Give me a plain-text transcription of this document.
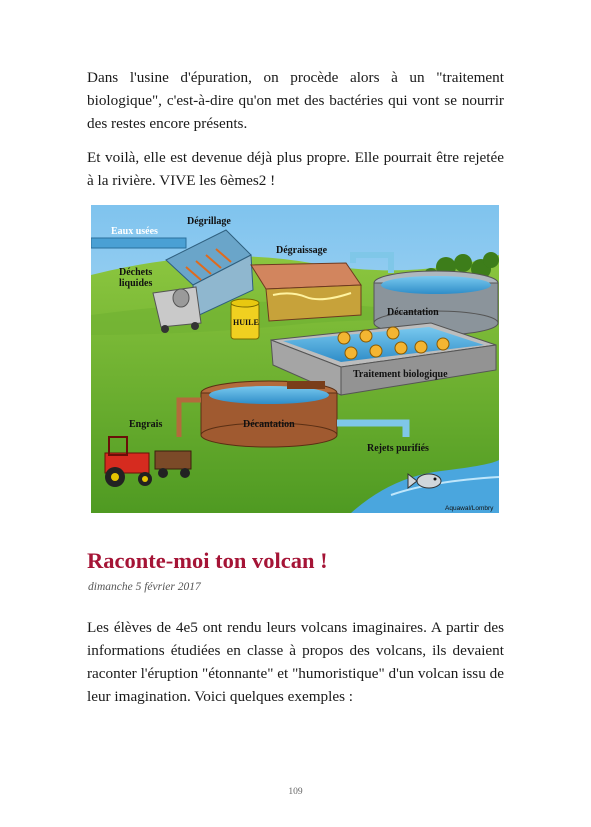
Dans l'usine d'épuration, on procède alors à un "traitement biologique", c'est-à-dire qu'on met des bactéries qui vont se nourrir des restes encore présents.

Et voilà, elle est devenue déjà plus propre. Elle pourrait être rejetée à la rivière. VIVE les 6èmes2 !

Eaux usées
Dégrillage
Dégraissage
Déchets
liquides
HUILE
Décantation
Traitement biologique
Engrais	Décantation
Rejets purifiés
Aquawal/Lombry
Raconte-moi ton volcan !
dimanche 5 février 2017

Les élèves de 4e5 ont rendu leurs volcans imaginaires. A partir des informations étudiées en classe à propos des volcans, ils devaient raconter l'éruption "étonnante" et "humoristique" d'un volcan issu de leur imagination. Voici quelques exemples :

109
